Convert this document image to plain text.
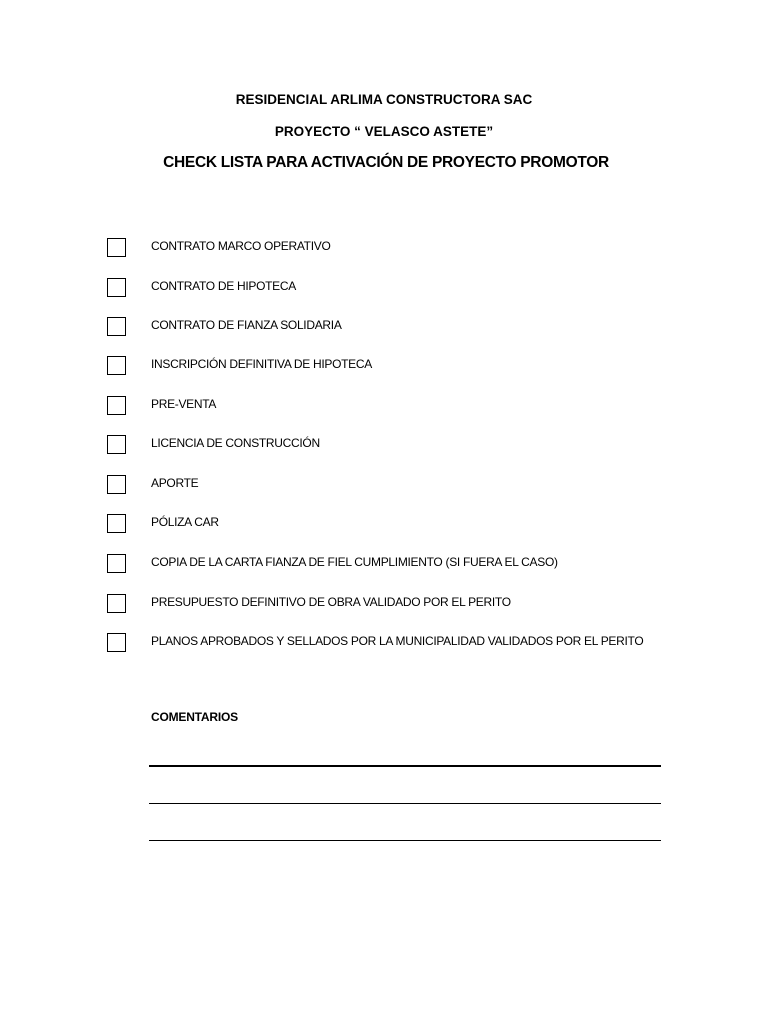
RESIDENCIAL ARLIMA CONSTRUCTORA SAC
PROYECTO “ VELASCO ASTETE”
CHECK LISTA PARA ACTIVACIÓN DE PROYECTO PROMOTOR
CONTRATO MARCO OPERATIVO
CONTRATO DE HIPOTECA
CONTRATO DE FIANZA SOLIDARIA
INSCRIPCIÓN DEFINITIVA DE HIPOTECA
PRE-VENTA
LICENCIA DE CONSTRUCCIÓN
APORTE
PÓLIZA CAR
COPIA DE LA CARTA FIANZA DE FIEL CUMPLIMIENTO (SI FUERA EL CASO)
PRESUPUESTO DEFINITIVO DE OBRA VALIDADO POR EL PERITO
PLANOS APROBADOS Y SELLADOS POR LA MUNICIPALIDAD VALIDADOS POR EL PERITO
COMENTARIOS
